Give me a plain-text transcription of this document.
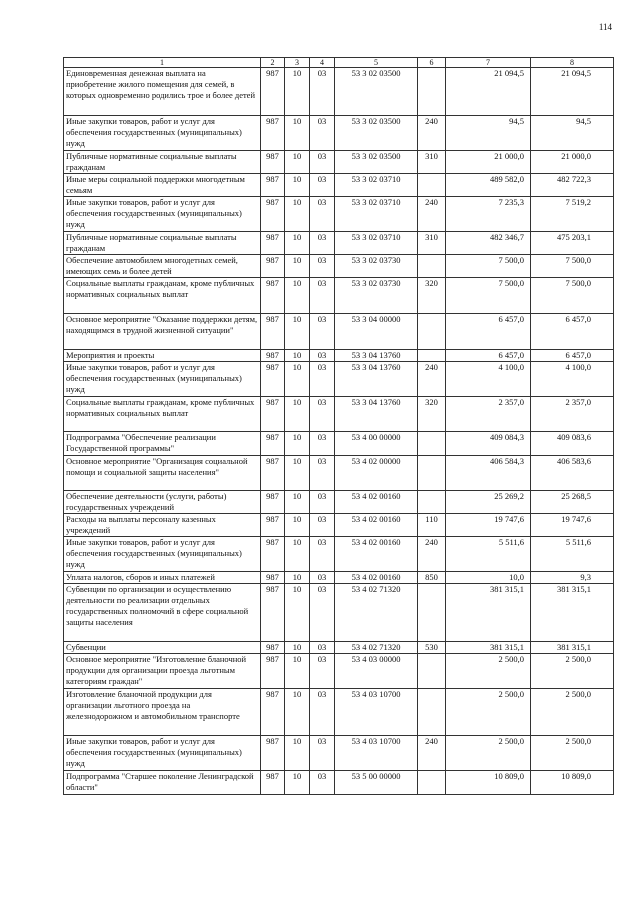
114
1	2	3	4	5	6	7	8
Единовременная денежная выплата на приобретение жилого помещения для семей, в которых одновременно родились трое и более детей	987	10	03	53 3 02 03500		21 094,5	21 094,5
Иные закупки товаров, работ и услуг для обеспечения государственных (муниципальных) нужд	987	10	03	53 3 02 03500	240	94,5	94,5
Публичные нормативные социальные выплаты гражданам	987	10	03	53 3 02 03500	310	21 000,0	21 000,0
Иные меры социальной поддержки многодетным семьям	987	10	03	53 3 02 03710		489 582,0	482 722,3
Иные закупки товаров, работ и услуг для обеспечения государственных (муниципальных) нужд	987	10	03	53 3 02 03710	240	7 235,3	7 519,2
Публичные нормативные социальные выплаты гражданам	987	10	03	53 3 02 03710	310	482 346,7	475 203,1
Обеспечение автомобилем многодетных семей, имеющих семь и более детей	987	10	03	53 3 02 03730		7 500,0	7 500,0
Социальные выплаты гражданам, кроме публичных нормативных социальных выплат	987	10	03	53 3 02 03730	320	7 500,0	7 500,0
Основное мероприятие "Оказание поддержки детям, находящимся в трудной жизненной ситуации"	987	10	03	53 3 04 00000		6 457,0	6 457,0
Мероприятия и проекты	987	10	03	53 3 04 13760		6 457,0	6 457,0
Иные закупки товаров, работ и услуг для обеспечения государственных (муниципальных) нужд	987	10	03	53 3 04 13760	240	4 100,0	4 100,0
Социальные выплаты гражданам, кроме публичных нормативных социальных выплат	987	10	03	53 3 04 13760	320	2 357,0	2 357,0
Подпрограмма "Обеспечение реализации Государственной программы"	987	10	03	53 4 00 00000		409 084,3	409 083,6
Основное мероприятие "Организация социальной помощи и социальной защиты населения"	987	10	03	53 4 02 00000		406 584,3	406 583,6
Обеспечение деятельности (услуги, работы) государственных учреждений	987	10	03	53 4 02 00160		25 269,2	25 268,5
Расходы на выплаты персоналу казенных учреждений	987	10	03	53 4 02 00160	110	19 747,6	19 747,6
Иные закупки товаров, работ и услуг для обеспечения государственных (муниципальных) нужд	987	10	03	53 4 02 00160	240	5 511,6	5 511,6
Уплата налогов, сборов и иных платежей	987	10	03	53 4 02 00160	850	10,0	9,3
Субвенции по организации и осуществлению деятельности по реализации отдельных государственных полномочий в сфере социальной защиты населения	987	10	03	53 4 02 71320		381 315,1	381 315,1
Субвенции	987	10	03	53 4 02 71320	530	381 315,1	381 315,1
Основное мероприятие "Изготовление бланочной продукции для организации проезда льготным категориям граждан"	987	10	03	53 4 03 00000		2 500,0	2 500,0
Изготовление бланочной продукции для организации льготного проезда на железнодорожном и автомобильном транспорте	987	10	03	53 4 03 10700		2 500,0	2 500,0
Иные закупки товаров, работ и услуг для обеспечения государственных (муниципальных) нужд	987	10	03	53 4 03 10700	240	2 500,0	2 500,0
Подпрограмма "Старшее поколение Ленинградской области"	987	10	03	53 5 00 00000		10 809,0	10 809,0
